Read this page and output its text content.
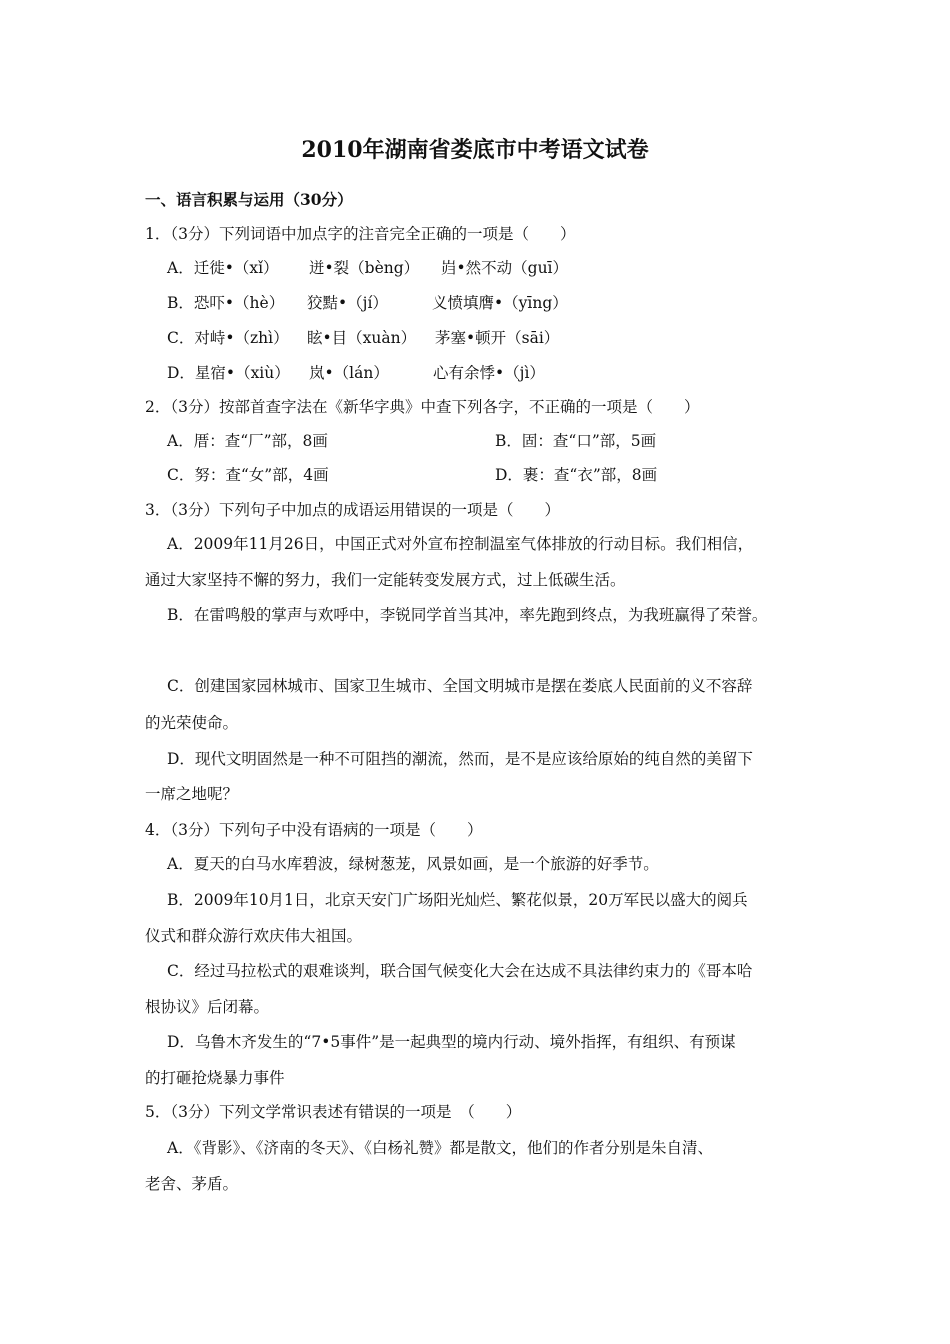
2010年湖南省娄底市中考语文试卷
一、语言积累与运用（30分）
1．（3分）下列词语中加点字的注音完全正确的一项是（　　）
A．迁徙•（xǐ） 迸•裂（bèng） 岿•然不动（guī）
B．恐吓•（hè） 狡黠•（jí）	义愤填膺•（yīng）
C．对峙•（zhì） 眩•目（xuàn） 茅塞•顿开（sāi）
D．星宿•（xiù） 岚•（lán）	心有余悸•（jì）
2．（3分）按部首查字法在《新华字典》中查下列各字，不正确的一项是（　　）
A．厝：查“厂”部，8画	B．固：查“口”部，5画
C．努：查“女”部，4画	D．裹：查“衣”部，8画
3．（3分）下列句子中加点的成语运用错误的一项是（　　）
A．2009年11月26日，中国正式对外宣布控制温室气体排放的行动目标。我们相信，
通过大家坚持不懈的努力，我们一定能转变发展方式，过上低碳生活。
B．在雷鸣般的掌声与欢呼中，李锐同学首当其冲，率先跑到终点，为我班赢得了荣誉。
C．创建国家园林城市、国家卫生城市、全国文明城市是摆在娄底人民面前的义不容辞
的光荣使命。
D．现代文明固然是一种不可阻挡的潮流，然而，是不是应该给原始的纯自然的美留下
一席之地呢？
4．（3分）下列句子中没有语病的一项是（　　）
A．夏天的白马水库碧波，绿树葱茏，风景如画，是一个旅游的好季节。
B．2009年10月1日，北京天安门广场阳光灿烂、繁花似景，20万军民以盛大的阅兵
仪式和群众游行欢庆伟大祖国。
C．经过马拉松式的艰难谈判，联合国气候变化大会在达成不具法律约束力的《哥本哈
根协议》后闭幕。
D．乌鲁木齐发生的“7•5事件”是一起典型的境内行动、境外指挥，有组织、有预谋
的打砸抢烧暴力事件
5．（3分）下列文学常识表述有错误的一项是　（　　）
A．《背影》、《济南的冬天》、《白杨礼赞》都是散文，他们的作者分别是朱自清、
老舍、茅盾。
